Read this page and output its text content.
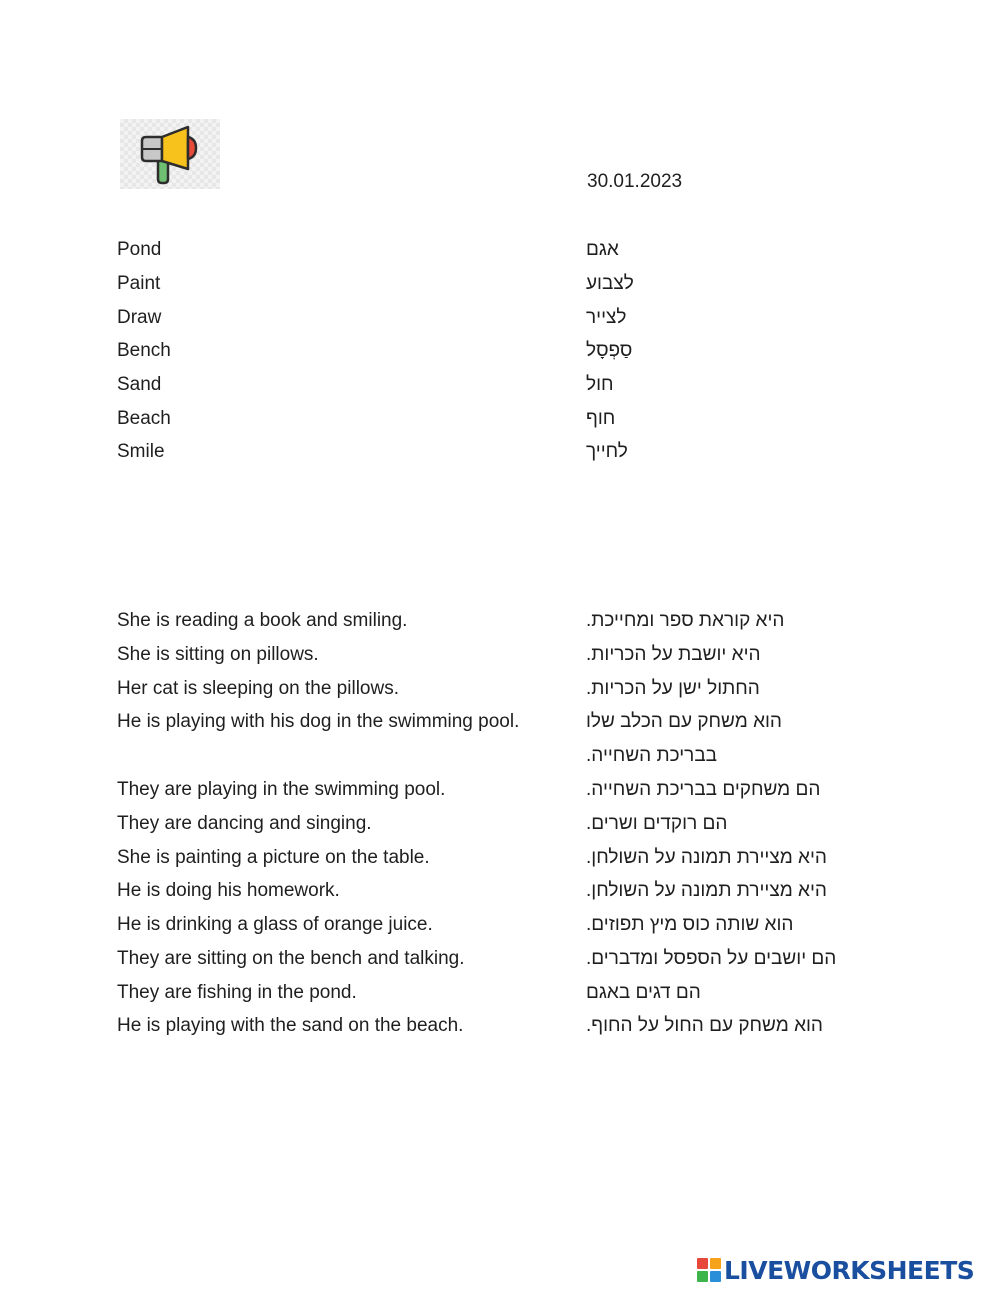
30.01.2023
Pond	אגם
Paint	לצבוע
Draw	לצייר
Bench	סַפְסָל
Sand	חול
Beach	חוף
Smile	לחייך
She is reading a book and smiling.	היא קוראת ספר ומחייכת.
She is sitting on pillows.	היא יושבת על הכריות.
Her cat is sleeping on the pillows.	החתול ישן על הכריות.
He is playing with his dog in the swimming pool.	הוא משחק עם הכלב שלו בבריכת השחייה.
They are playing in the swimming pool.	הם משחקים בבריכת השחייה.
They are dancing and singing.	הם רוקדים ושרים.
She is painting a picture on the table.	היא מציירת תמונה על השולחן.
He is doing his homework.	היא מציירת תמונה על השולחן.
He is drinking a glass of orange juice.	הוא שותה כוס מיץ תפוזים.
They are sitting on the bench and talking.	הם יושבים על הספסל ומדברים.
They are fishing in the pond.	הם דגים באגם
He is playing with the sand on the beach.	הוא משחק עם החול על החוף.
LIVEWORKSHEETS
